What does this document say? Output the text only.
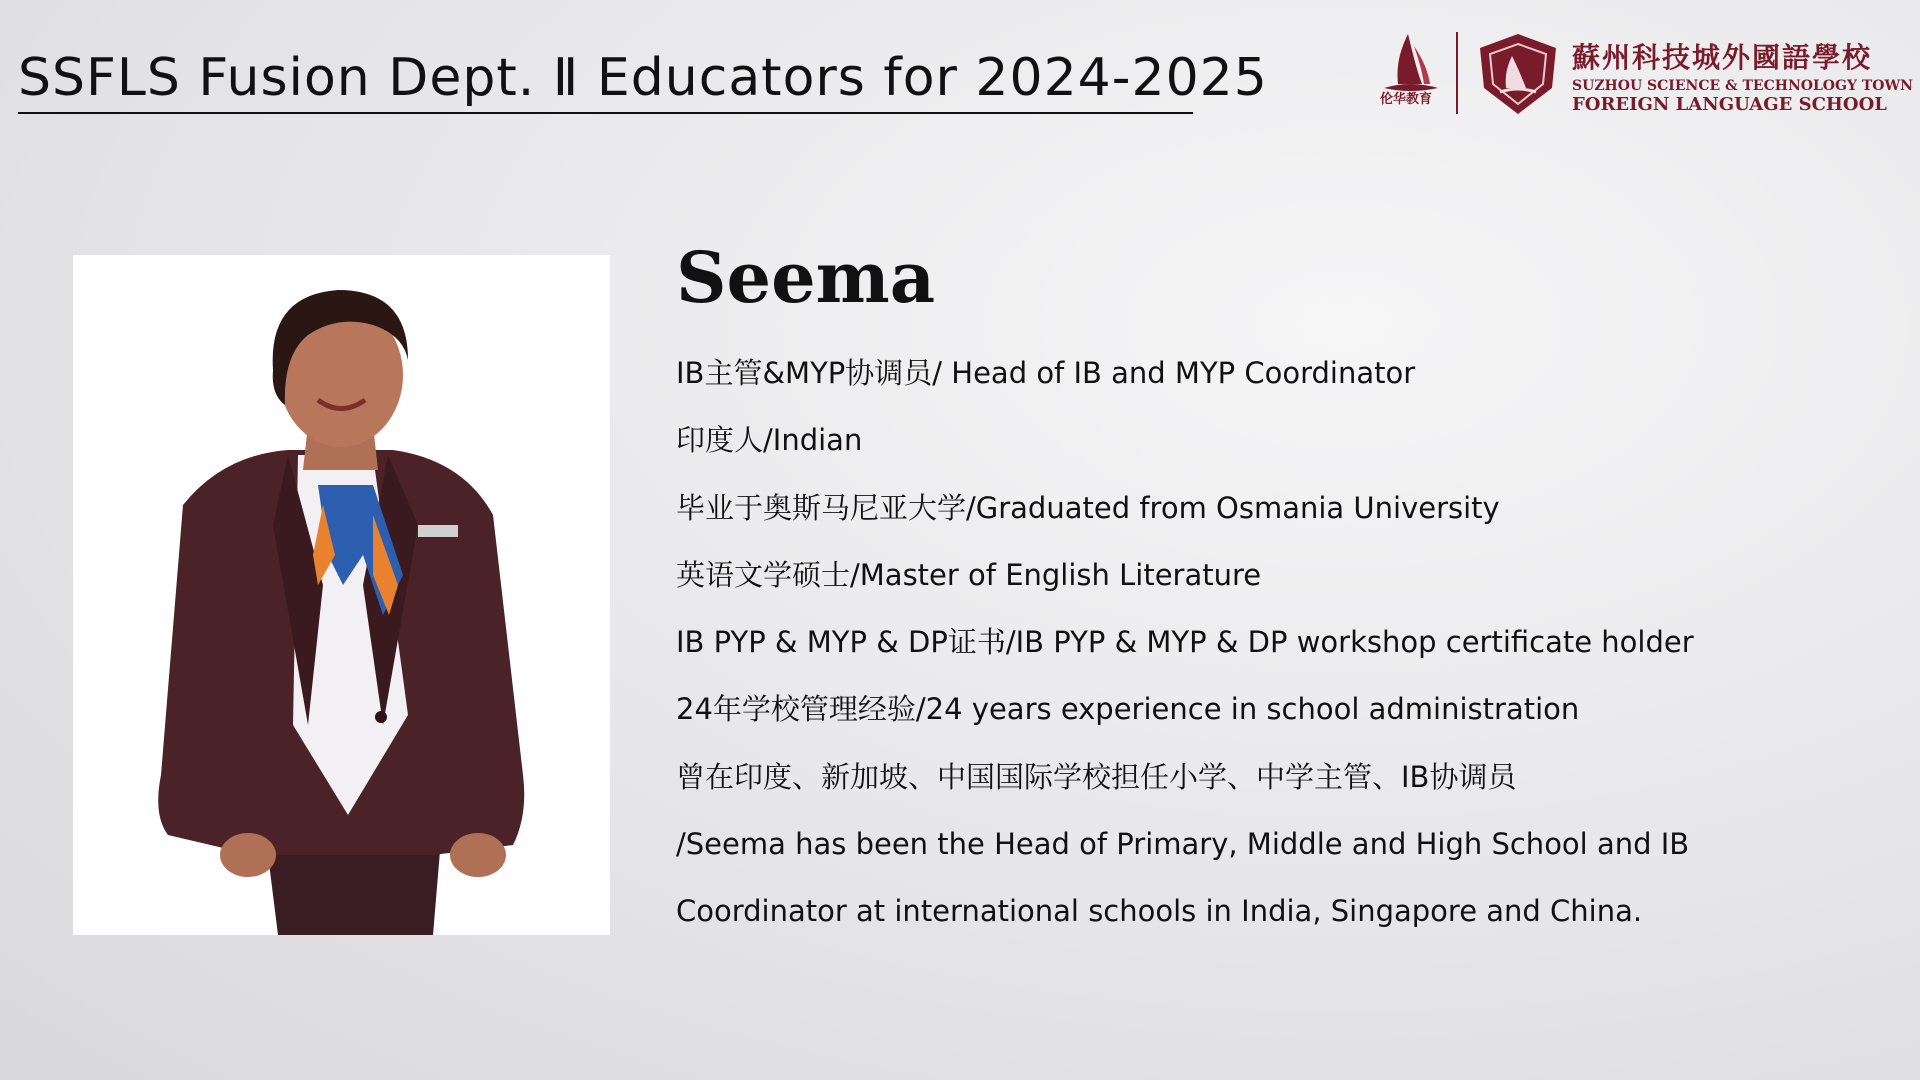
SSFLS Fusion Dept. Ⅱ Educators for 2024-2025	伦华教育
蘇州科技城外國語學校
SUZHOU SCIENCE & TECHNOLOGY TOWN
FOREIGN LANGUAGE SCHOOL
Seema
IB主管&MYP协调员/ Head of IB and MYP Coordinator
印度人/Indian
毕业于奥斯马尼亚大学/Graduated from Osmania University
英语文学硕士/Master of English Literature
IB PYP & MYP & DP证书/IB PYP & MYP & DP workshop certificate holder
24年学校管理经验/24 years experience in school administration
曾在印度、新加坡、中国国际学校担任小学、中学主管、IB协调员
/Seema has been the Head of Primary, Middle and High School and IB
Coordinator at international schools in India, Singapore and China.
